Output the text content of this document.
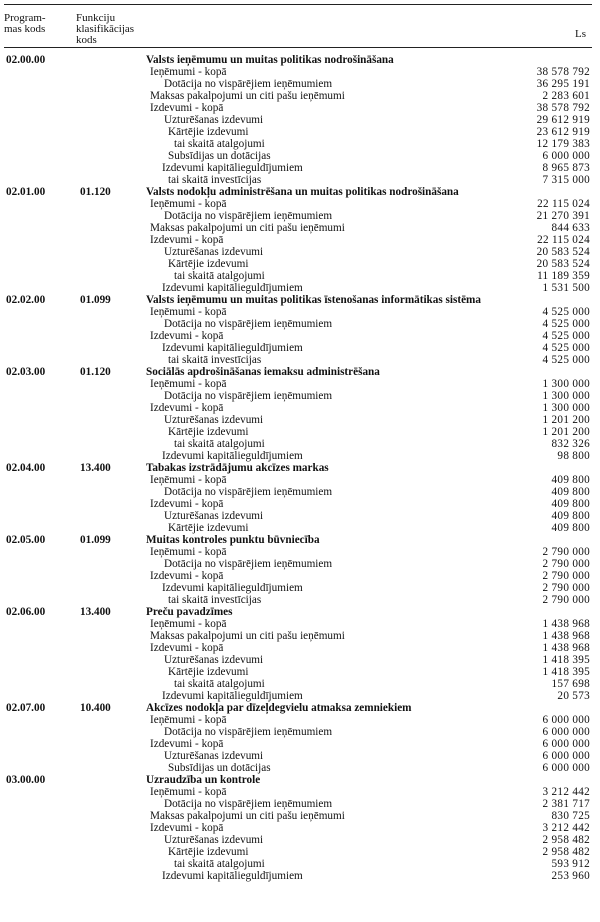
Program-
mas kods
Funkciju
klasifikācijas
kods	Ls
02.00.00	Valsts ieņēmumu un muitas politikas nodrošināšana
Ieņēmumi - kopā	38 578 792
Dotācija no vispārējiem ieņēmumiem	36 295 191
Maksas pakalpojumi un citi pašu ieņēmumi	2 283 601
Izdevumi - kopā	38 578 792
Uzturēšanas izdevumi	29 612 919
Kārtējie izdevumi	23 612 919
tai skaitā atalgojumi	12 179 383
Subsīdijas un dotācijas	6 000 000
Izdevumi kapitālieguldījumiem	8 965 873
tai skaitā investīcijas	7 315 000
02.01.00	01.120	Valsts nodokļu administrēšana un muitas politikas nodrošināšana
Ieņēmumi - kopā	22 115 024
Dotācija no vispārējiem ieņēmumiem	21 270 391
Maksas pakalpojumi un citi pašu ieņēmumi	844 633
Izdevumi - kopā	22 115 024
Uzturēšanas izdevumi	20 583 524
Kārtējie izdevumi	20 583 524
tai skaitā atalgojumi	11 189 359
Izdevumi kapitālieguldījumiem	1 531 500
02.02.00	01.099	Valsts ieņēmumu un muitas politikas īstenošanas informātikas sistēma
Ieņēmumi - kopā	4 525 000
Dotācija no vispārējiem ieņēmumiem	4 525 000
Izdevumi - kopā	4 525 000
Izdevumi kapitālieguldījumiem	4 525 000
tai skaitā investīcijas	4 525 000
02.03.00	01.120	Sociālās apdrošināšanas iemaksu administrēšana
Ieņēmumi - kopā	1 300 000
Dotācija no vispārējiem ieņēmumiem	1 300 000
Izdevumi - kopā	1 300 000
Uzturēšanas izdevumi	1 201 200
Kārtējie izdevumi	1 201 200
tai skaitā atalgojumi	832 326
Izdevumi kapitālieguldījumiem	98 800
02.04.00	13.400	Tabakas izstrādājumu akcīzes markas
Ieņēmumi - kopā	409 800
Dotācija no vispārējiem ieņēmumiem	409 800
Izdevumi - kopā	409 800
Uzturēšanas izdevumi	409 800
Kārtējie izdevumi	409 800
02.05.00	01.099	Muitas kontroles punktu būvniecība
Ieņēmumi - kopā	2 790 000
Dotācija no vispārējiem ieņēmumiem	2 790 000
Izdevumi - kopā	2 790 000
Izdevumi kapitālieguldījumiem	2 790 000
tai skaitā investīcijas	2 790 000
02.06.00	13.400	Preču pavadzīmes
Ieņēmumi - kopā	1 438 968
Maksas pakalpojumi un citi pašu ieņēmumi	1 438 968
Izdevumi - kopā	1 438 968
Uzturēšanas izdevumi	1 418 395
Kārtējie izdevumi	1 418 395
tai skaitā atalgojumi	157 698
Izdevumi kapitālieguldījumiem	20 573
02.07.00	10.400	Akcīzes nodokļa par dīzeļdegvielu atmaksa zemniekiem
Ieņēmumi - kopā	6 000 000
Dotācija no vispārējiem ieņēmumiem	6 000 000
Izdevumi - kopā	6 000 000
Uzturēšanas izdevumi	6 000 000
Subsīdijas un dotācijas	6 000 000
03.00.00	Uzraudzība un kontrole
Ieņēmumi - kopā	3 212 442
Dotācija no vispārējiem ieņēmumiem	2 381 717
Maksas pakalpojumi un citi pašu ieņēmumi	830 725
Izdevumi - kopā	3 212 442
Uzturēšanas izdevumi	2 958 482
Kārtējie izdevumi	2 958 482
tai skaitā atalgojumi	593 912
Izdevumi kapitālieguldījumiem	253 960
